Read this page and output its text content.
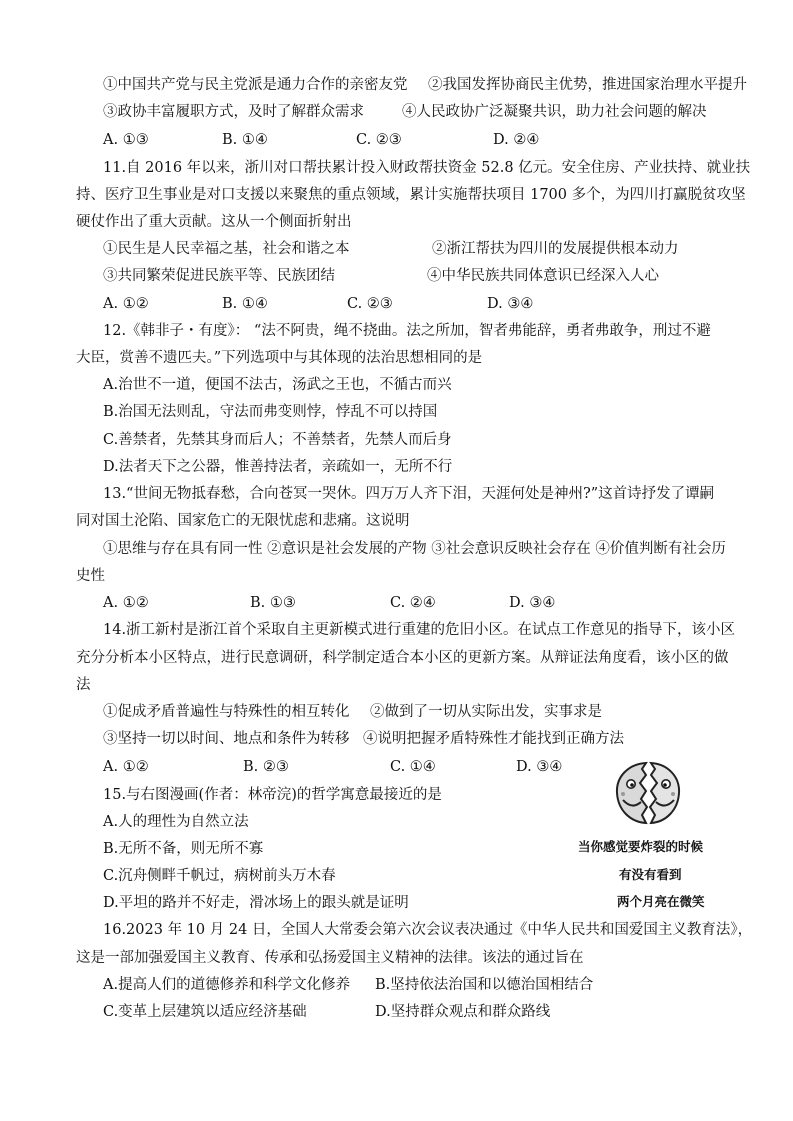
①中国共产党与民主党派是通力合作的亲密友党 ②我国发挥协商民主优势，推进国家治理水平提升
③政协丰富履职方式，及时了解群众需求	④人民政协广泛凝聚共识，助力社会问题的解决
A. ①③	B. ①④	C. ②③	D. ②④
11.自 2016 年以来，浙川对口帮扶累计投入财政帮扶资金 52.8 亿元。安全住房、产业扶持、就业扶
持、医疗卫生事业是对口支援以来聚焦的重点领域，累计实施帮扶项目 1700 多个，为四川打赢脱贫攻坚
硬仗作出了重大贡献。这从一个侧面折射出
①民生是人民幸福之基，社会和谐之本	②浙江帮扶为四川的发展提供根本动力
③共同繁荣促进民族平等、民族团结	④中华民族共同体意识已经深入人心
A. ①②	B. ①④	C. ②③	D. ③④
12.《韩非子・有度》： “法不阿贵，绳不挠曲。法之所加，智者弗能辞，勇者弗敢争，刑过不避
大臣，赏善不遗匹夫。”下列选项中与其体现的法治思想相同的是
A.治世不一道，便国不法古，汤武之王也，不循古而兴
B.治国无法则乱，守法而弗变则悖，悖乱不可以持国
C.善禁者，先禁其身而后人；不善禁者，先禁人而后身
D.法者天下之公器，惟善持法者，亲疏如一，无所不行
13.“世间无物抵春愁，合向苍冥一哭休。四万万人齐下泪，天涯何处是神州?”这首诗抒发了谭嗣
同对国土沦陷、国家危亡的无限忧虑和悲痛。这说明
①思维与存在具有同一性 ②意识是社会发展的产物 ③社会意识反映社会存在 ④价值判断有社会历
史性
A. ①②	B. ①③	C. ②④	D. ③④
14.浙工新村是浙江首个采取自主更新模式进行重建的危旧小区。在试点工作意见的指导下，该小区
充分分析本小区特点，进行民意调研，科学制定适合本小区的更新方案。从辩证法角度看，该小区的做
法
①促成矛盾普遍性与特殊性的相互转化 ②做到了一切从实际出发，实事求是
③坚持一切以时间、地点和条件为转移 ④说明把握矛盾特殊性才能找到正确方法
A. ①②	B. ②③	C. ①④	D. ③④
15.与右图漫画(作者：林帝浣)的哲学寓意最接近的是
A.人的理性为自然立法
B.无所不备，则无所不寡
C.沉舟侧畔千帆过，病树前头万木春
D.平坦的路并不好走，滑冰场上的跟头就是证明
当你感觉要炸裂的时候
有没有看到
两个月亮在微笑
16.2023 年 10 月 24 日，全国人大常委会第六次会议表决通过《中华人民共和国爱国主义教育法》，
这是一部加强爱国主义教育、传承和弘扬爱国主义精神的法律。该法的通过旨在
A.提高人们的道德修养和科学文化修养 B.坚持依法治国和以德治国相结合
C.变革上层建筑以适应经济基础	D.坚持群众观点和群众路线
